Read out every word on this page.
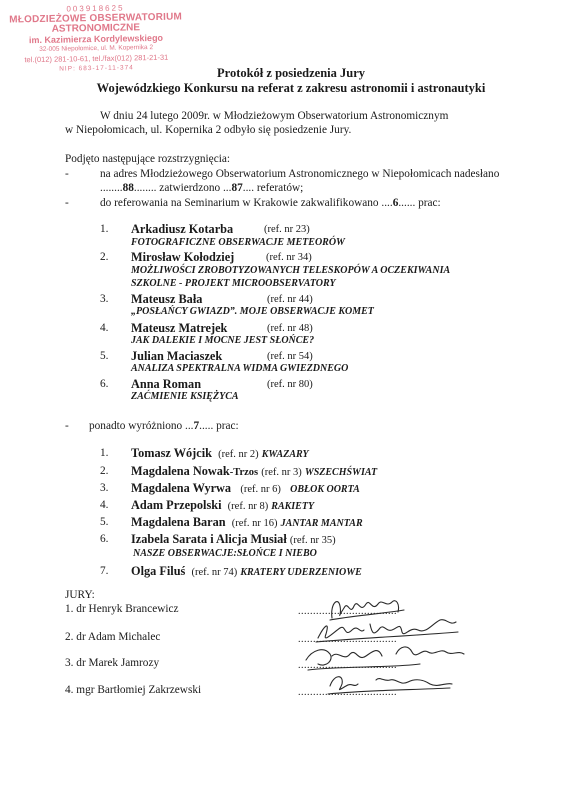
003918625
MŁODZIEŻOWE OBSERWATORIUM
ASTRONOMICZNE
im. Kazimierza Kordylewskiego
32-005 Niepołomice, ul. M. Kopernika 2
tel.(012) 281-10-61, tel./fax(012) 281-21-31
NIP: 683-17-11-374	Protokół z posiedzenia Jury
Wojewódzkiego Konkursu na referat z zakresu astronomii i astronautyki
W dniu 24 lutego 2009r. w Młodzieżowym Obserwatorium Astronomicznym
w Niepołomicach, ul. Kopernika 2 odbyło się posiedzenie Jury.
Podjęto następujące rozstrzygnięcia:
-	na adres Młodzieżowego Obserwatorium Astronomicznego w Niepołomicach nadesłano
........88........ zatwierdzono ...87.... referatów;
-	do referowania na Seminarium w Krakowie zakwalifikowano ....6...... prac:
1. Arkadiusz Kotarba	(ref. nr 23)
FOTOGRAFICZNE OBSERWACJE METEORÓW
2. Mirosław Kołodziej	(ref. nr 34)
MOŻLIWOŚCI ZROBOTYZOWANYCH TELESKOPÓW A OCZEKIWANIA
SZKOLNE - PROJEKT MICROOBSERVATORY
3. Mateusz Bała	(ref. nr 44)
„POSŁAŃCY GWIAZD”. MOJE OBSERWACJE KOMET
4. Mateusz Matrejek	(ref. nr 48)
JAK DALEKIE I MOCNE JEST SŁOŃCE?
5. Julian Maciaszek	(ref. nr 54)
ANALIZA SPEKTRALNA WIDMA GWIEZDNEGO
6. Anna Roman	(ref. nr 80)
ZAĆMIENIE KSIĘŻYCA
- ponadto wyróżniono ...7..... prac:
1. Tomasz Wójcik (ref. nr 2) KWAZARY
2. Magdalena Nowak-Trzos (ref. nr 3) WSZECHŚWIAT
3. Magdalena Wyrwa (ref. nr 6) OBŁOK OORTA
4. Adam Przepolski (ref. nr 8) RAKIETY
5. Magdalena Baran (ref. nr 16) JANTAR MANTAR
6. Izabela Sarata i Alicja Musiał (ref. nr 35)
NASZE OBSERWACJE:SŁOŃCE I NIEBO
7. Olga Filuś (ref. nr 74) KRATERY UDERZENIOWE
JURY:
1. dr Henryk Brancewicz	.................................
2. dr Adam Michalec	.................................
3. dr Marek Jamrozy	.................................
4. mgr Bartłomiej Zakrzewski	.................................
